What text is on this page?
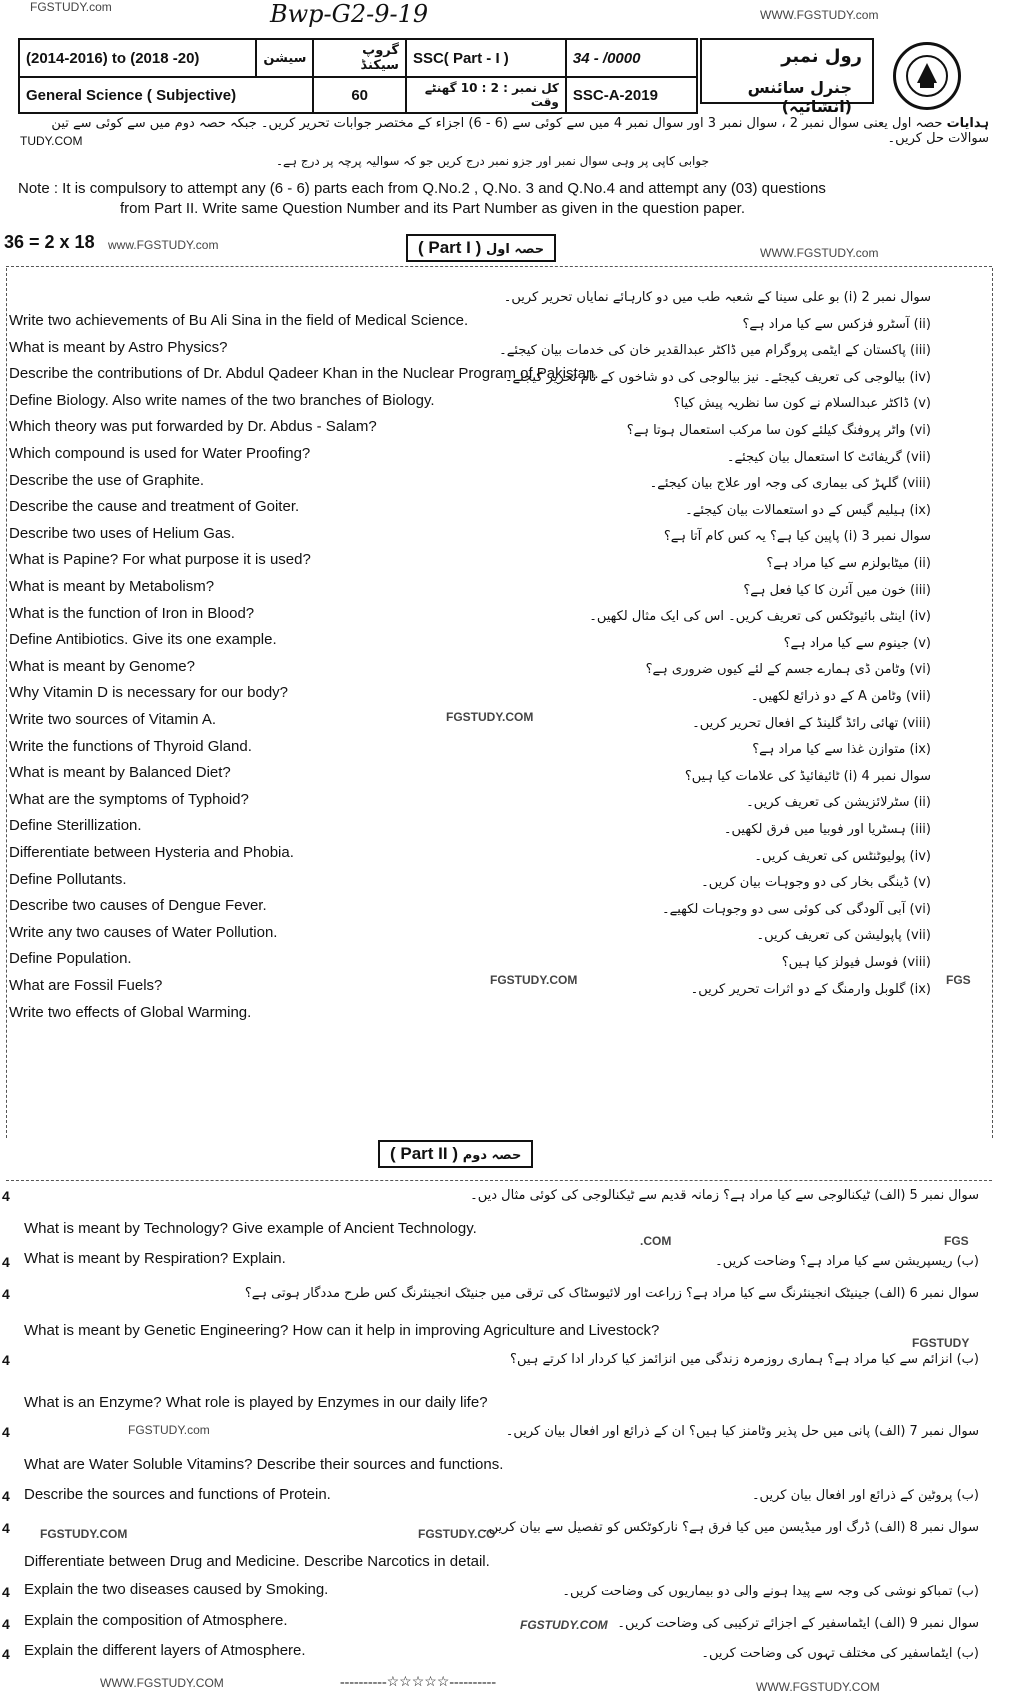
FGSTUDY.com
WWW.FGSTUDY.com
Bwp-G2-9-19
(2014-2016) to (2018 -20)	سیشن	گروپ سیکنڈ	SSC( Part - I )	34 - /0000
General Science ( Subjective)		60	کل نمبر : 2 : 10 گھنٹے وقت	SSC-A-2019
رول نمبر
جنرل سائنس (انشائیہ)
TUDY.COM
ہدایات حصہ اول یعنی سوال نمبر 2 ، سوال نمبر 3 اور سوال نمبر 4 میں سے کوئی سے (6 - 6) اجزاء کے مختصر جوابات تحریر کریں۔ جبکہ حصہ دوم میں سے کوئی سے تین سوالات حل کریں۔
جوابی کاپی پر وہی سوال نمبر اور جزو نمبر درج کریں جو کہ سوالیہ پرچہ پر درج ہے۔
Note : It is compulsory to attempt any (6 - 6) parts each from Q.No.2 , Q.No. 3 and Q.No.4 and attempt any (03) questions
from Part II. Write same Question Number and its Part Number as given in the question paper.
36 = 2 x 18 www.FGSTUDY.com	( Part I ) حصہ اول	WWW.FGSTUDY.com
سوال نمبر 2 (i) بو علی سینا کے شعبہ طب میں دو کارہائے نمایاں تحریر کریں۔
Write two achievements of Bu Ali Sina in the field of Medical Science.	(ii) آسٹرو فزکس سے کیا مراد ہے؟
What is meant by Astro Physics?	(iii) پاکستان کے ایٹمی پروگرام میں ڈاکٹر عبدالقدیر خان کی خدمات بیان کیجئے۔
Describe the contributions of Dr. Abdul Qadeer Khan in the Nuclear Program of Pakistan.
(iv) بیالوجی کی تعریف کیجئے۔ نیز بیالوجی کی دو شاخوں کے نام تحریر کیجئے۔
Define Biology. Also write names of the two branches of Biology.	(v) ڈاکٹر عبدالسلام نے کون سا نظریہ پیش کیا؟
Which theory was put forwarded by Dr. Abdus - Salam?	(vi) واٹر پروفنگ کیلئے کون سا مرکب استعمال ہوتا ہے؟
Which compound is used for Water Proofing?	(vii) گریفائٹ کا استعمال بیان کیجئے۔
Describe the use of Graphite.	(viii) گلہڑ کی بیماری کی وجہ اور علاج بیان کیجئے۔
Describe the cause and treatment of Goiter.	(ix) ہیلیم گیس کے دو استعمالات بیان کیجئے۔
Describe two uses of Helium Gas.	سوال نمبر 3 (i) پاپین کیا ہے؟ یہ کس کام آتا ہے؟
What is Papine? For what purpose it is used?	(ii) میٹابولزم سے کیا مراد ہے؟
What is meant by Metabolism?	(iii) خون میں آئرن کا کیا فعل ہے؟
What is the function of Iron in Blood?	(iv) اینٹی بائیوٹکس کی تعریف کریں۔ اس کی ایک مثال لکھیں۔
Define Antibiotics. Give its one example.	(v) جینوم سے کیا مراد ہے؟
What is meant by Genome?	(vi) وٹامن ڈی ہمارے جسم کے لئے کیوں ضروری ہے؟
Why Vitamin D is necessary for our body?	(vii) وٹامن A کے دو ذرائع لکھیں۔
Write two sources of Vitamin A.	(viii) تھائی رائڈ گلینڈ کے افعال تحریر کریں۔
Write the functions of Thyroid Gland.	(ix) متوازن غذا سے کیا مراد ہے؟
What is meant by Balanced Diet?	سوال نمبر 4 (i) ٹائیفائیڈ کی علامات کیا ہیں؟
What are the symptoms of Typhoid?	(ii) سٹرلائزیشن کی تعریف کریں۔
Define Sterillization.	(iii) ہسٹریا اور فوبیا میں فرق لکھیں۔
Differentiate between Hysteria and Phobia.	(iv) پولیوٹنٹس کی تعریف کریں۔
Define Pollutants.	(v) ڈینگی بخار کی دو وجوہات بیان کریں۔
Describe two causes of Dengue Fever.	(vi) آبی آلودگی کی کوئی سی دو وجوہات لکھیے۔
Write any two causes of Water Pollution.	(vii) پاپولیشن کی تعریف کریں۔
Define Population.	(viii) فوسل فیولز کیا ہیں؟
What are Fossil Fuels?	(ix) گلوبل وارمنگ کے دو اثرات تحریر کریں۔
Write two effects of Global Warming.
FGSTUDY.COM
FGSTUDY.COM	FGS
( Part II ) حصہ دوم
4	سوال نمبر 5 (الف) ٹیکنالوجی سے کیا مراد ہے؟ زمانہ قدیم سے ٹیکنالوجی کی کوئی مثال دیں۔
What is meant by Technology? Give example of Ancient Technology.
4	(ب) ریسپریشن سے کیا مراد ہے؟ وضاحت کریں۔
What is meant by Respiration? Explain.
4	سوال نمبر 6 (الف) جینیٹک انجینئرنگ سے کیا مراد ہے؟ زراعت اور لائیوسٹاک کی ترقی میں جنیٹک انجینئرنگ کس طرح مددگار ہوتی ہے؟
What is meant by Genetic Engineering? How can it help in improving Agriculture and Livestock?
4	(ب) انزائم سے کیا مراد ہے؟ ہماری روزمرہ زندگی میں انزائمز کیا کردار ادا کرتے ہیں؟
What is an Enzyme? What role is played by Enzymes in our daily life?
4	سوال نمبر 7 (الف) پانی میں حل پذیر وٹامنز کیا ہیں؟ ان کے ذرائع اور افعال بیان کریں۔
What are Water Soluble Vitamins? Describe their sources and functions.
4	(ب) پروٹین کے ذرائع اور افعال بیان کریں۔
Describe the sources and functions of Protein.
4	سوال نمبر 8 (الف) ڈرگ اور میڈیسن میں کیا فرق ہے؟ نارکوٹکس کو تفصیل سے بیان کریں۔
Differentiate between Drug and Medicine. Describe Narcotics in detail.
4	(ب) تمباکو نوشی کی وجہ سے پیدا ہونے والی دو بیماریوں کی وضاحت کریں۔
Explain the two diseases caused by Smoking.
4	سوال نمبر 9 (الف) ایٹماسفیر کے اجزائے ترکیبی کی وضاحت کریں۔
Explain the composition of Atmosphere.
4	(ب) ایٹماسفیر کی مختلف تہوں کی وضاحت کریں۔
Explain the different layers of Atmosphere.
.COM	FGS
FGSTUDY
FGSTUDY.com
FGSTUDY.COM	FGSTUDY.CO
FGSTUDY.COM
WWW.FGSTUDY.COM	----------☆☆☆☆☆----------	WWW.FGSTUDY.COM
